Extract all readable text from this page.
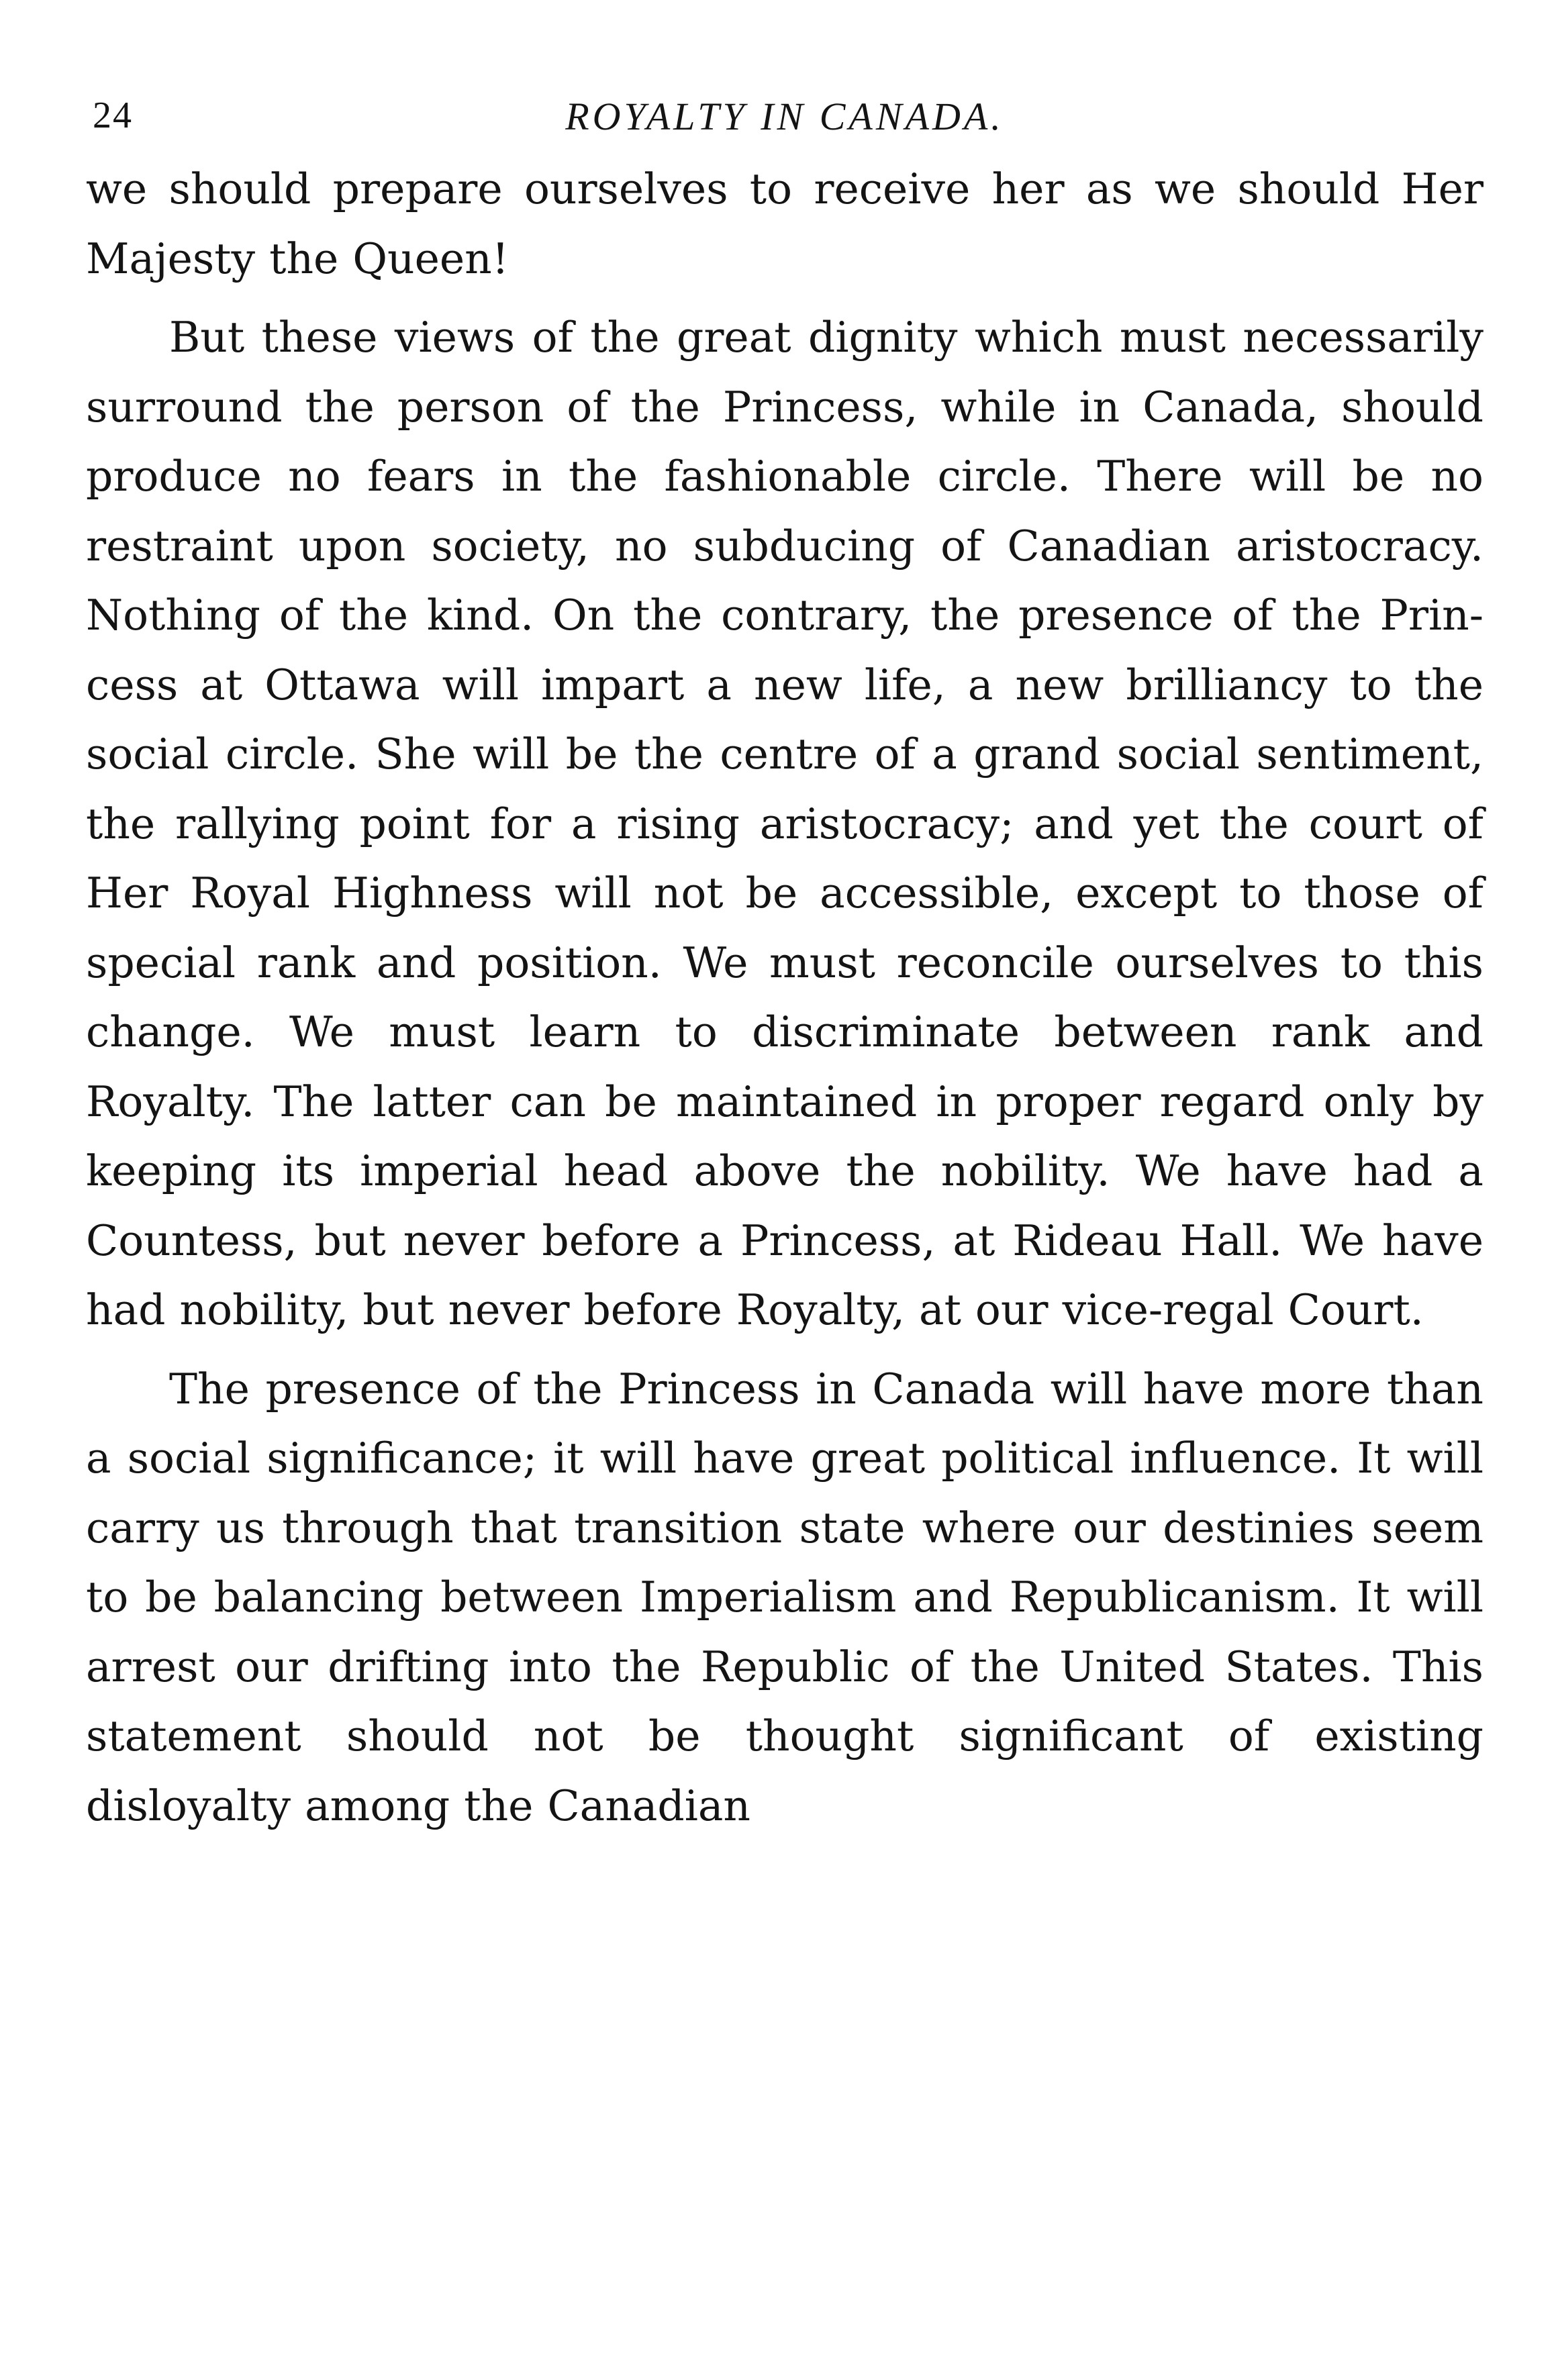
24	ROYALTY IN CANADA.

we should prepare ourselves to receive her as we should Her Majesty the Queen!

But these views of the great dignity which must necessarily surround the person of the Princess, while in Canada, should produce no fears in the fashionable circle. There will be no restraint upon society, no subducing of Canadian aristocracy. Nothing of the kind. On the contrary, the presence of the Princess at Ottawa will impart a new life, a new brilliancy to the social circle. She will be the centre of a grand social sentiment, the rallying point for a rising aristocracy; and yet the court of Her Royal Highness will not be accessible, except to those of special rank and position. We must reconcile ourselves to this change. We must learn to discriminate between rank and Royalty. The latter can be maintained in proper regard only by keeping its imperial head above the nobility. We have had a Countess, but never before a Princess, at Rideau Hall. We have had nobility, but never before Royalty, at our vice-regal Court.

The presence of the Princess in Canada will have more than a social significance; it will have great political influence. It will carry us through that transition state where our destinies seem to be balancing between Imperialism and Republicanism. It will arrest our drifting into the Republic of the United States. This statement should not be thought significant of existing disloyalty among the Canadian
